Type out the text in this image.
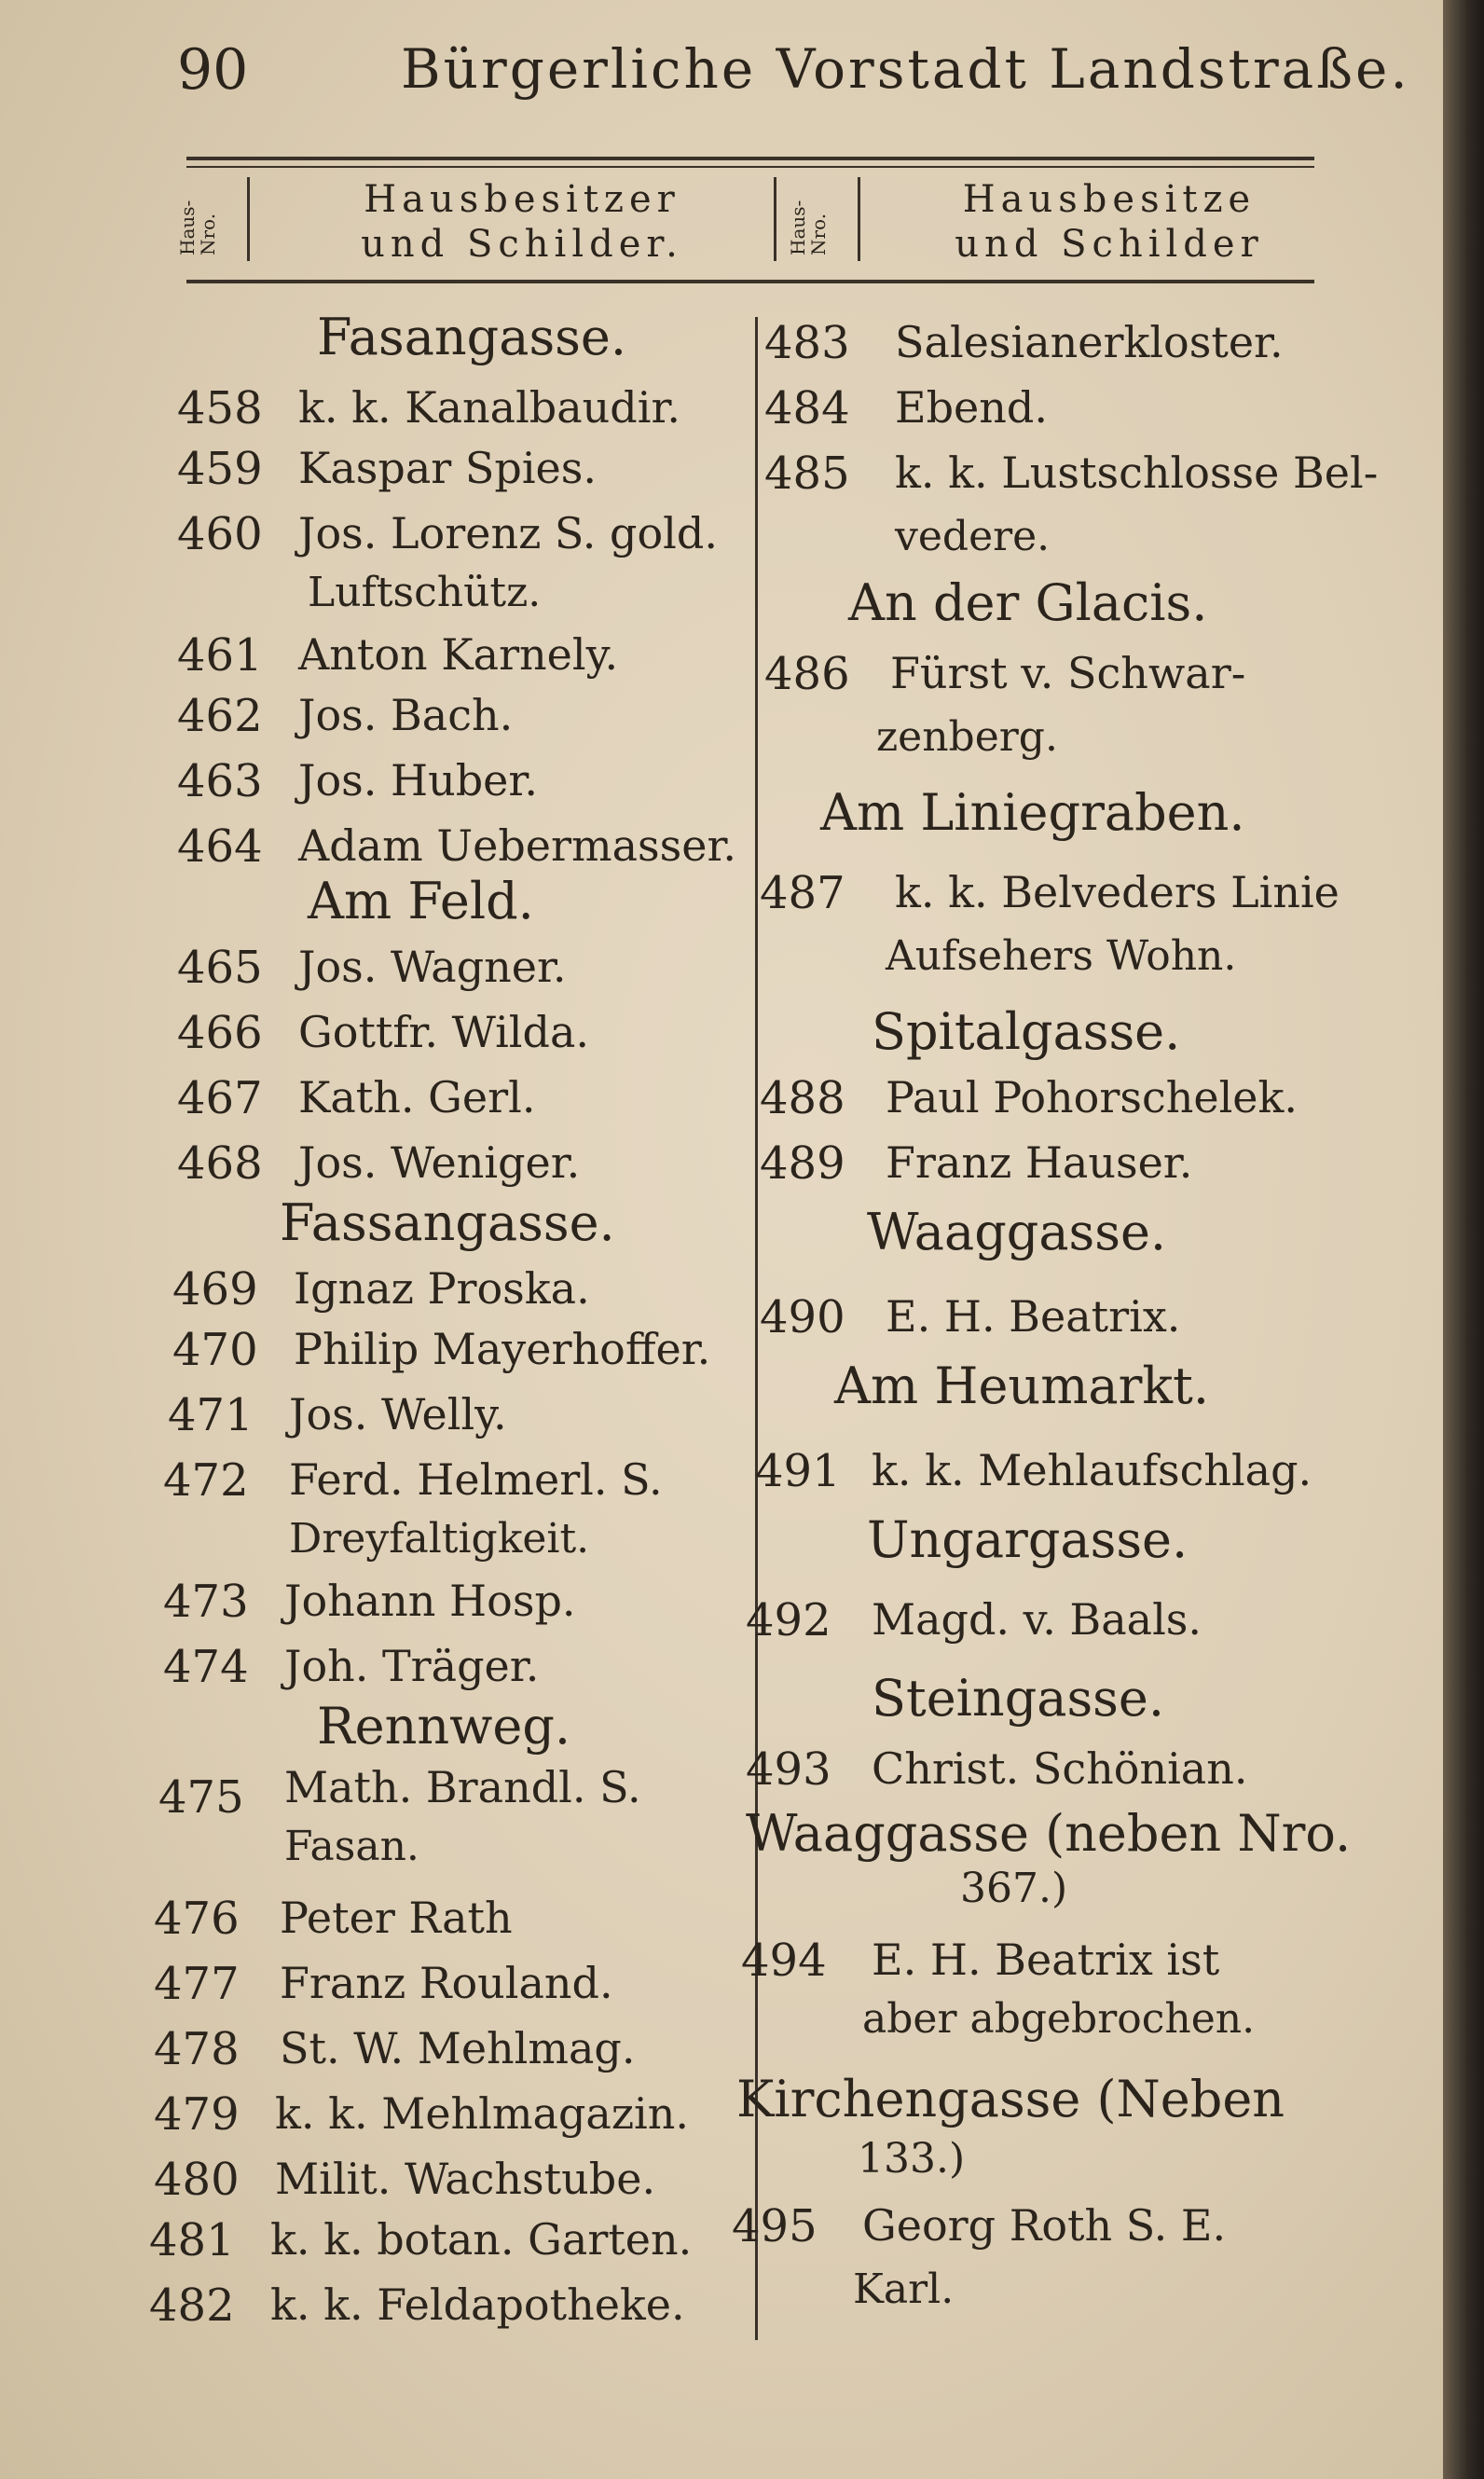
90	Bürgerliche Vorstadt Landstraße.
Haus-Nro.
Hausbesitzer
und Schilder.	Haus-Nro.
Hausbesitze
und Schilder
Fasangasse.
458 k. k. Kanalbaudir.
459 Kaspar Spies.
460 Jos. Lorenz S. gold.
Luftschütz.
461 Anton Karnely.
462 Jos. Bach.
463 Jos. Huber.
464 Adam Uebermasser.
Am Feld.
465 Jos. Wagner.
466 Gottfr. Wilda.
467 Kath. Gerl.
468 Jos. Weniger.
Fassangasse.
469 Ignaz Proska.
470 Philip Mayerhoffer.
471 Jos. Welly.
472 Ferd. Helmerl. S.
Dreyfaltigkeit.
473 Johann Hosp.
474 Joh. Träger.
Rennweg.
475 Math. Brandl. S.
Fasan.
476 Peter Rath
477 Franz Rouland.
478 St. W. Mehlmag.
479 k. k. Mehlmagazin.
480 Milit. Wachstube.
481 k. k. botan. Garten.
482 k. k. Feldapotheke.
483 Salesianerkloster.
484 Ebend.
485 k. k. Lustschlosse Bel-
vedere.
An der Glacis.
486 Fürst v. Schwar-
zenberg.
Am Liniegraben.
487 k. k. Belveders Linie
Aufsehers Wohn.
Spitalgasse.
488 Paul Pohorschelek.
489 Franz Hauser.
Waaggasse.
490 E. H. Beatrix.
Am Heumarkt.
491 k. k. Mehlaufschlag.
Ungargasse.
492 Magd. v. Baals.
Steingasse.
493 Christ. Schönian.
Waaggasse (neben Nro.
367.)
494 E. H. Beatrix ist
aber abgebrochen.
Kirchengasse (Neben
133.)
495 Georg Roth S. E.
Karl.
